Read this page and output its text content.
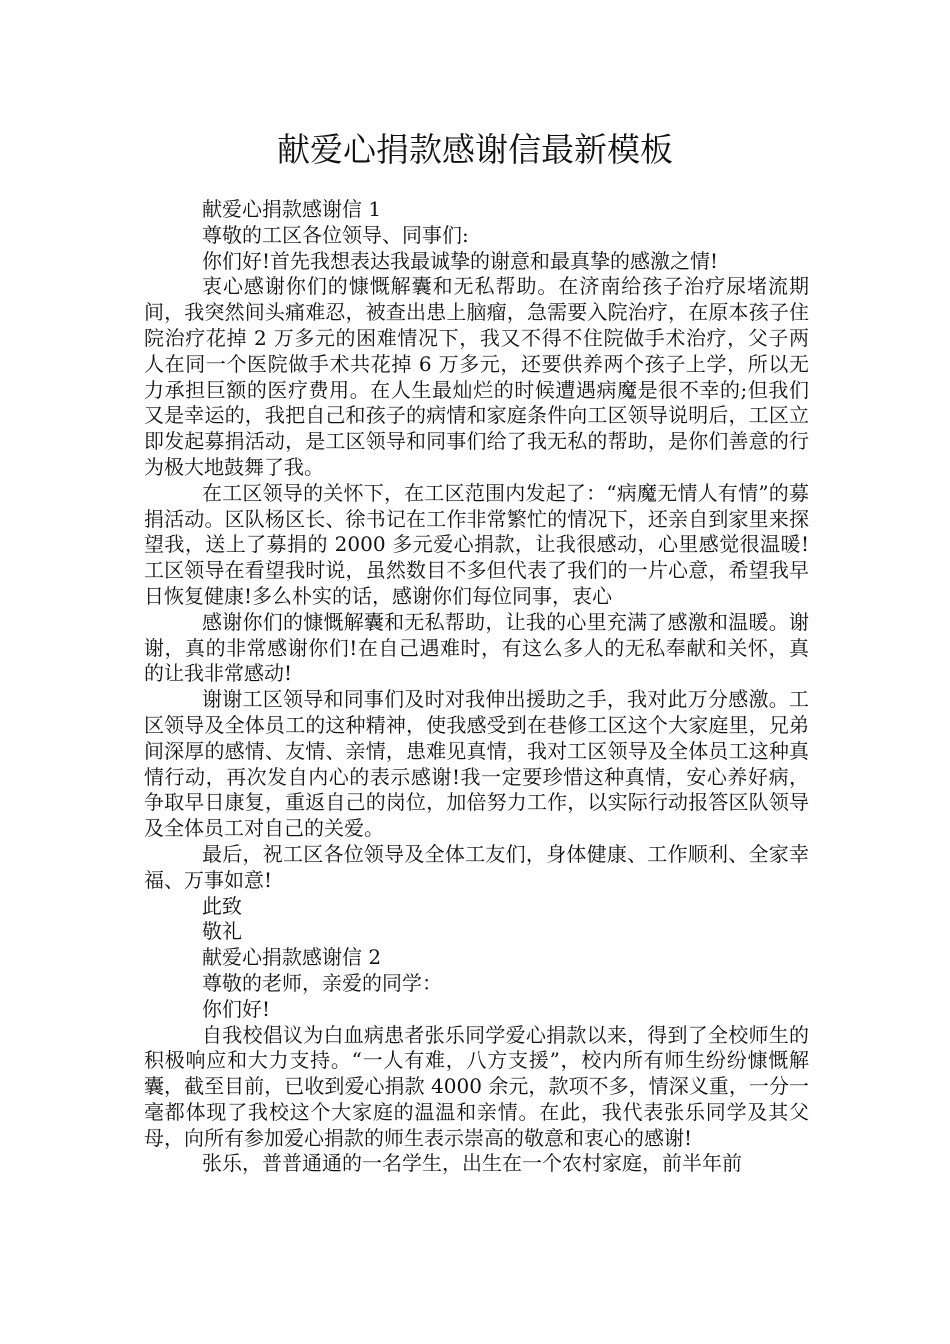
献爱心捐款感谢信最新模板

献爱心捐款感谢信 1

尊敬的工区各位领导、同事们:

你们好!首先我想表达我最诚挚的谢意和最真挚的感激之情!

衷心感谢你们的慷慨解囊和无私帮助。在济南给孩子治疗尿堵流期间，我突然间头痛难忍，被查出患上脑瘤，急需要入院治疗，在原本孩子住院治疗花掉 2 万多元的困难情况下，我又不得不住院做手术治疗，父子两人在同一个医院做手术共花掉 6 万多元，还要供养两个孩子上学，所以无力承担巨额的医疗费用。在人生最灿烂的时候遭遇病魔是很不幸的;但我们又是幸运的，我把自己和孩子的病情和家庭条件向工区领导说明后，工区立即发起募捐活动，是工区领导和同事们给了我无私的帮助，是你们善意的行为极大地鼓舞了我。

在工区领导的关怀下，在工区范围内发起了：“病魔无情人有情”的募捐活动。区队杨区长、徐书记在工作非常繁忙的情况下，还亲自到家里来探望我，送上了募捐的 2000 多元爱心捐款，让我很感动，心里感觉很温暖!工区领导在看望我时说，虽然数目不多但代表了我们的一片心意，希望我早日恢复健康!多么朴实的话，感谢你们每位同事，衷心

感谢你们的慷慨解囊和无私帮助，让我的心里充满了感激和温暖。谢谢，真的非常感谢你们!在自己遇难时，有这么多人的无私奉献和关怀，真的让我非常感动!

谢谢工区领导和同事们及时对我伸出援助之手，我对此万分感激。工区领导及全体员工的这种精神，使我感受到在巷修工区这个大家庭里，兄弟间深厚的感情、友情、亲情，患难见真情，我对工区领导及全体员工这种真情行动，再次发自内心的表示感谢!我一定要珍惜这种真情，安心养好病，争取早日康复，重返自己的岗位，加倍努力工作，以实际行动报答区队领导及全体员工对自己的关爱。

最后，祝工区各位领导及全体工友们，身体健康、工作顺利、全家幸福、万事如意!

此致

敬礼

献爱心捐款感谢信 2

尊敬的老师，亲爱的同学：

你们好!

自我校倡议为白血病患者张乐同学爱心捐款以来，得到了全校师生的积极响应和大力支持。“一人有难，八方支援”，校内所有师生纷纷慷慨解囊，截至目前，已收到爱心捐款 4000 余元，款项不多，情深义重，一分一毫都体现了我校这个大家庭的温温和亲情。在此，我代表张乐同学及其父母，向所有参加爱心捐款的师生表示崇高的敬意和衷心的感谢!

张乐，普普通通的一名学生，出生在一个农村家庭，前半年前
